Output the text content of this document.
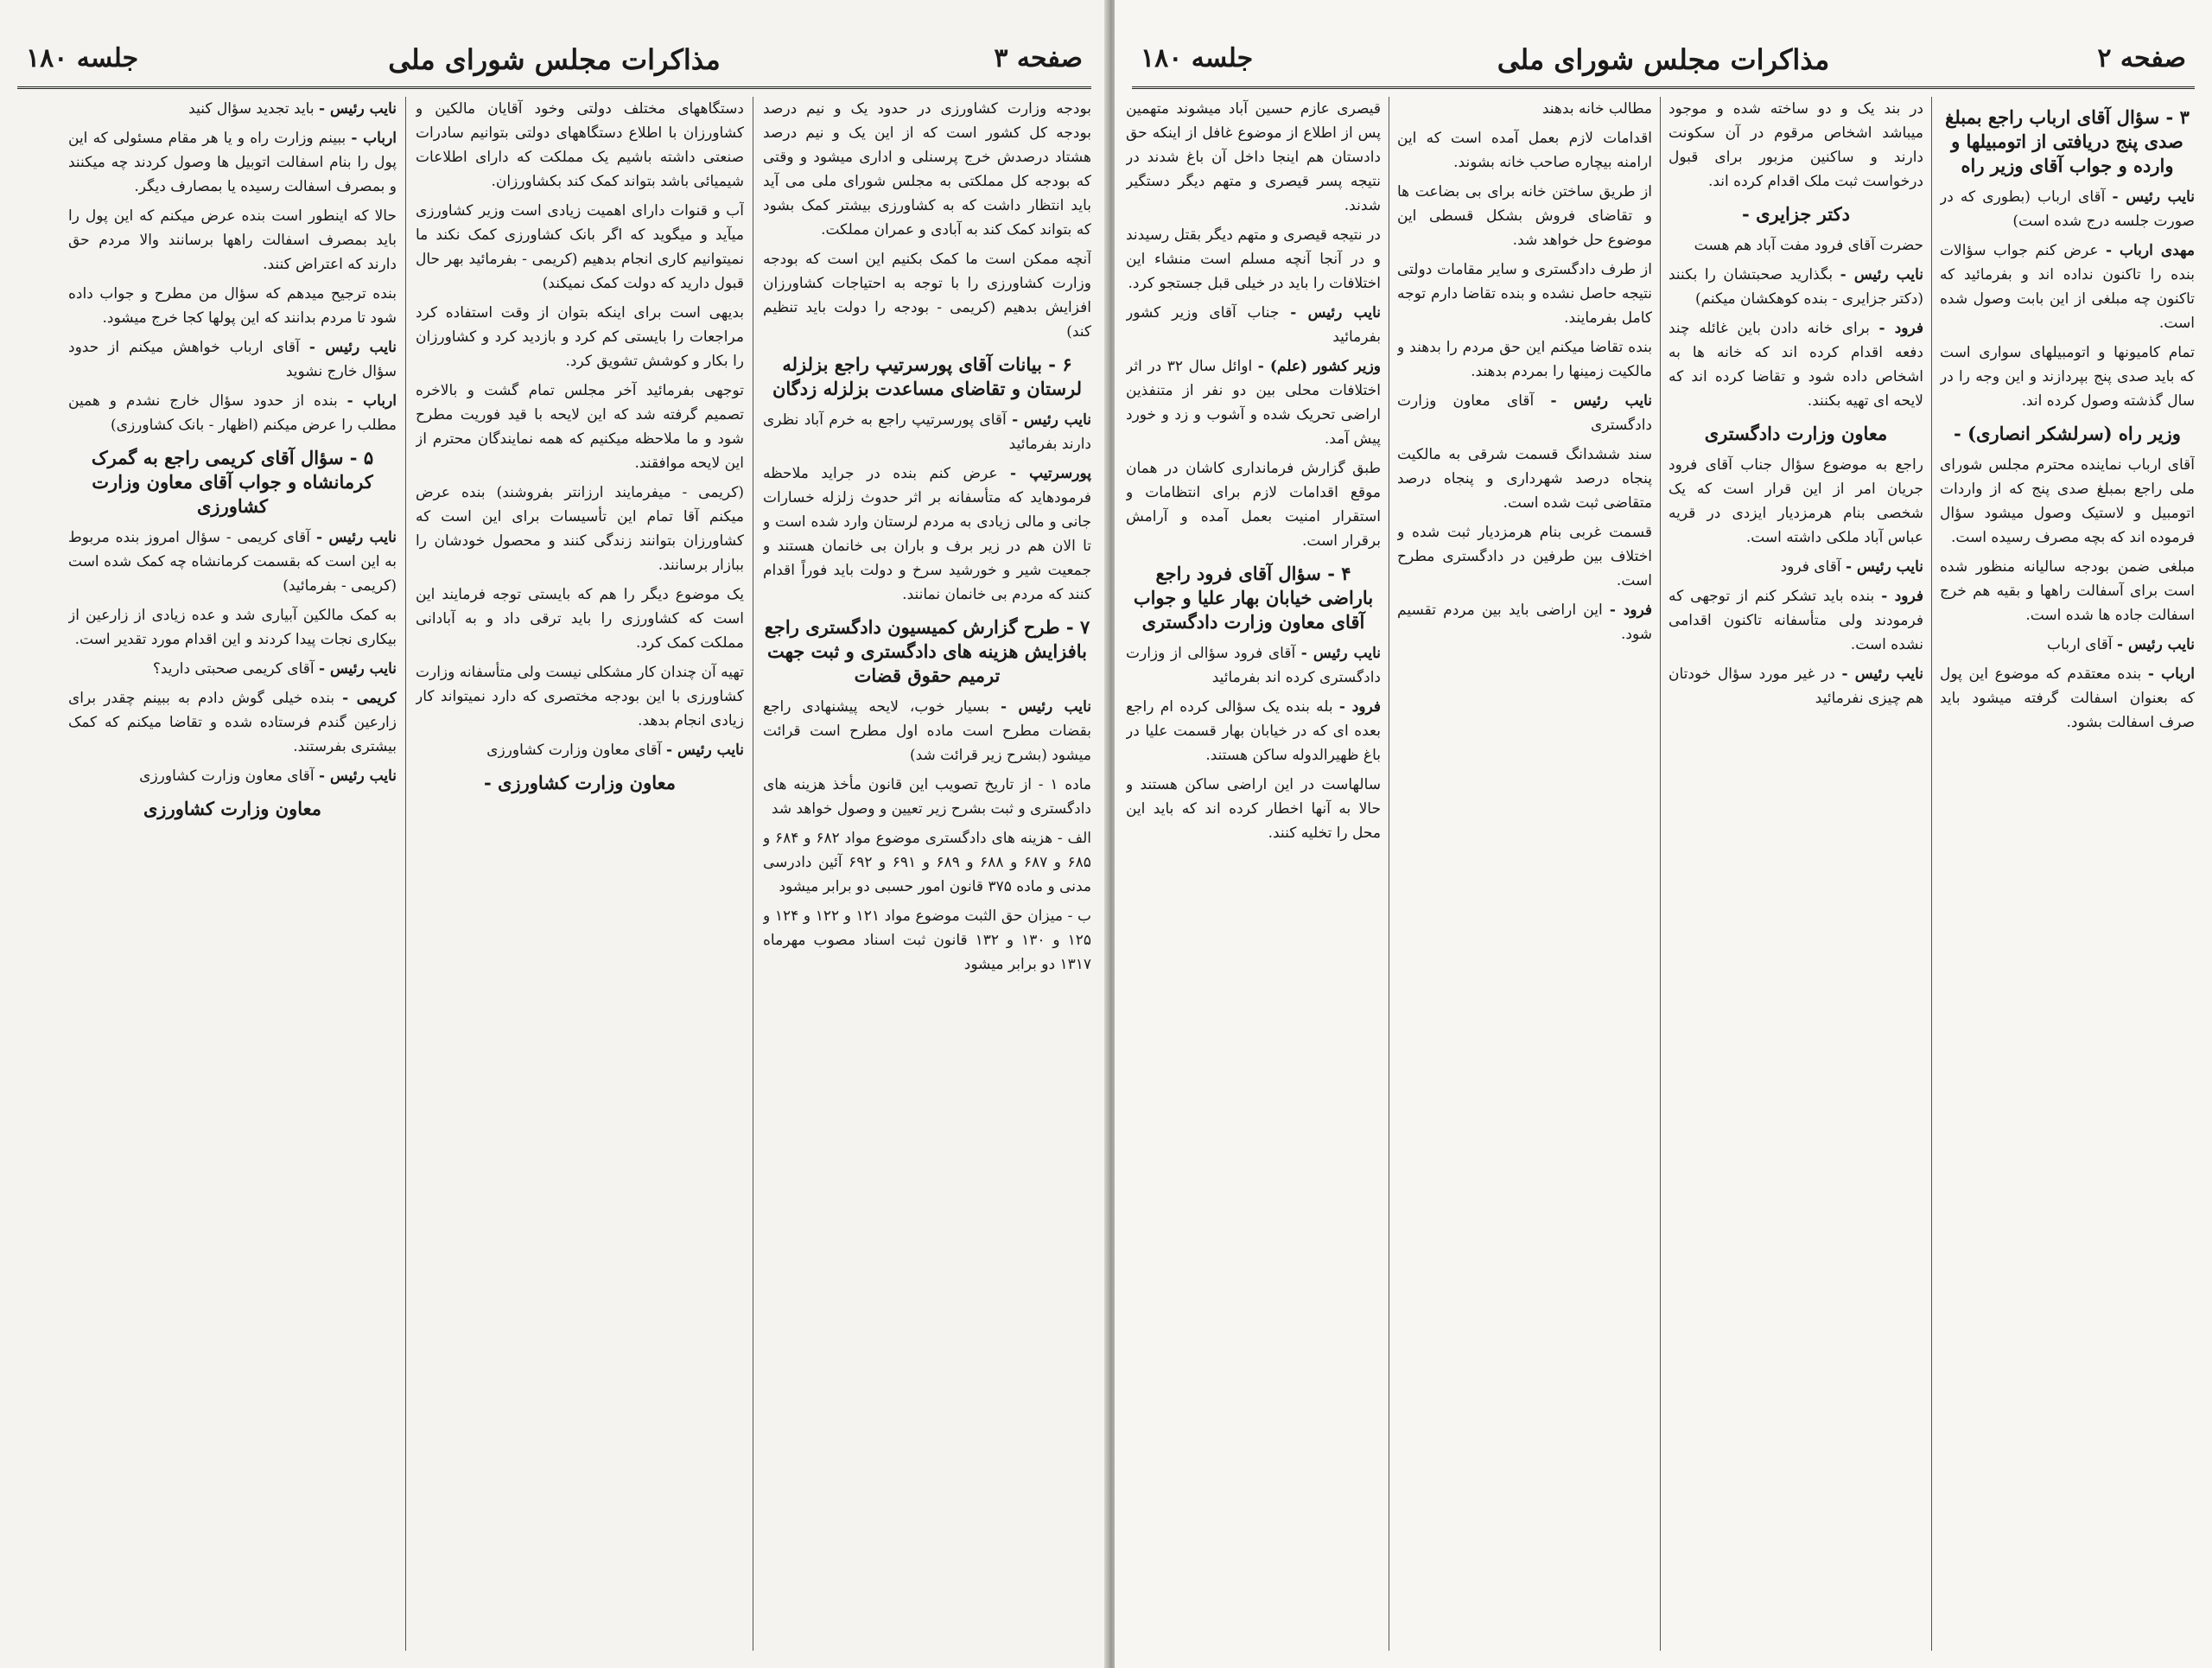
صفحه ۳
مذاکرات مجلس شورای ملی
جلسه ۱۸۰

بودجه وزارت کشاورزی در حدود یک و نیم درصد بودجه کل کشور است که از این یک و نیم درصد هشتاد درصدش خرج پرسنلی و اداری میشود و وقتی که بودجه کل مملکتی به مجلس شورای ملی می آید باید انتظار داشت که به کشاورزی بیشتر کمک بشود که بتواند کمک کند به آبادی و عمران مملکت.

آنچه ممکن است ما کمک بکنیم این است که بودجه وزارت کشاورزی را با توجه به احتیاجات کشاورزان افزایش بدهیم (کریمی - بودجه را دولت باید تنظیم کند)

۶ - بیانات آقای پورسرتیپ راجع بزلزله لرستان و تقاضای مساعدت بزلزله زدگان

نایب رئیس - آقای پورسرتیپ راجع به خرم آباد نظری دارند بفرمائید

پورسرتیپ - عرض کنم بنده در جراید ملاحظه فرمودهاید که متأسفانه بر اثر حدوث زلزله خسارات جانی و مالی زیادی به مردم لرستان وارد شده است و تا الان هم در زیر برف و باران بی خانمان هستند و جمعیت شیر و خورشید سرخ و دولت باید فوراً اقدام کنند که مردم بی خانمان نمانند.

۷ - طرح گزارش کمیسیون دادگستری راجع بافزایش هزینه های دادگستری و ثبت جهت ترمیم حقوق قضات

نایب رئیس - بسیار خوب، لایحه پیشنهادی راجع بقضات مطرح است ماده اول مطرح است قرائت میشود (بشرح زیر قرائت شد)

ماده ۱ - از تاریخ تصویب این قانون مأخذ هزینه های دادگستری و ثبت بشرح زیر تعیین و وصول خواهد شد

الف - هزینه های دادگستری موضوع مواد ۶۸۲ و ۶۸۴ و ۶۸۵ و ۶۸۷ و ۶۸۸ و ۶۸۹ و ۶۹۱ و ۶۹۲ آئین دادرسی مدنی و ماده ۳۷۵ قانون امور حسبی دو برابر میشود

ب - میزان حق الثبت موضوع مواد ۱۲۱ و ۱۲۲ و ۱۲۴ و ۱۲۵ و ۱۳۰ و ۱۳۲ قانون ثبت اسناد مصوب مهرماه ۱۳۱۷ دو برابر میشود

دستگاههای مختلف دولتی وخود آقایان مالکین و کشاورزان با اطلاع دستگاههای دولتی بتوانیم سادرات صنعتی داشته باشیم یک مملکت که دارای اطلاعات شیمیائی باشد بتواند کمک کند بکشاورزان.

آب و قنوات دارای اهمیت زیادی است وزیر کشاورزی میآید و میگوید که اگر بانک کشاورزی کمک نکند ما نمیتوانیم کاری انجام بدهیم (کریمی - بفرمائید بهر حال قبول دارید که دولت کمک نمیکند)

بدیهی است برای اینکه بتوان از وقت استفاده کرد مراجعات را بایستی کم کرد و بازدید کرد و کشاورزان را بکار و کوشش تشویق کرد.

توجهی بفرمائید آخر مجلس تمام گشت و بالاخره تصمیم گرفته شد که این لایحه با قید فوریت مطرح شود و ما ملاحظه میکنیم که همه نمایندگان محترم از این لایحه موافقند.

(کریمی - میفرمایند ارزانتر بفروشند) بنده عرض میکنم آقا تمام این تأسیسات برای این است که کشاورزان بتوانند زندگی کنند و محصول خودشان را ببازار برسانند.

یک موضوع دیگر را هم که بایستی توجه فرمایند این است که کشاورزی را باید ترقی داد و به آبادانی مملکت کمک کرد.

تهیه آن چندان کار مشکلی نیست ولی متأسفانه وزارت کشاورزی با این بودجه مختصری که دارد نمیتواند کار زیادی انجام بدهد.

نایب رئیس - آقای معاون وزارت کشاورزی

معاون وزارت کشاورزی -

نایب رئیس - باید تجدید سؤال کنید

ارباب - ببینم وزارت راه و یا هر مقام مسئولی که این پول را بنام اسفالت اتوبیل ها وصول کردند چه میکنند و بمصرف اسفالت رسیده یا بمصارف دیگر.

حالا که اینطور است بنده عرض میکنم که این پول را باید بمصرف اسفالت راهها برسانند والا مردم حق دارند که اعتراض کنند.

بنده ترجیح میدهم که سؤال من مطرح و جواب داده شود تا مردم بدانند که این پولها کجا خرج میشود.

نایب رئیس - آقای ارباب خواهش میکنم از حدود سؤال خارج نشوید

ارباب - بنده از حدود سؤال خارج نشدم و همین مطلب را عرض میکنم (اظهار - بانک کشاورزی)

۵ - سؤال آقای کریمی راجع به گمرک کرمانشاه و جواب آقای معاون وزارت کشاورزی

نایب رئیس - آقای کریمی - سؤال امروز بنده مربوط به این است که بقسمت کرمانشاه چه کمک شده است (کریمی - بفرمائید)

به کمک مالکین آبیاری شد و عده زیادی از زارعین از بیکاری نجات پیدا کردند و این اقدام مورد تقدیر است.

نایب رئیس - آقای کریمی صحبتی دارید؟

کریمی - بنده خیلی گوش دادم به ببینم چقدر برای زارعین گندم فرستاده شده و تقاضا میکنم که کمک بیشتری بفرستند.

نایب رئیس - آقای معاون وزارت کشاورزی

معاون وزارت کشاورزی
صفحه ۲
مذاکرات مجلس شورای ملی
جلسه ۱۸۰
۳ - سؤال آقای ارباب راجع بمبلغ صدی پنج دریافتی از اتومبیلها و وارده و جواب آقای وزیر راه

نایب رئیس - آقای ارباب (بطوری که در صورت جلسه درج شده است)

مهدی ارباب - عرض کنم جواب سؤالات بنده را تاکنون نداده اند و بفرمائید که تاکنون چه مبلغی از این بابت وصول شده است.

تمام کامیونها و اتومبیلهای سواری است که باید صدی پنج بپردازند و این وجه را در سال گذشته وصول کرده اند.

وزیر راه (سرلشکر انصاری) -

آقای ارباب نماینده محترم مجلس شورای ملی راجع بمبلغ صدی پنج که از واردات اتومبیل و لاستیک وصول میشود سؤال فرموده اند که بچه مصرف رسیده است.

مبلغی ضمن بودجه سالیانه منظور شده است برای آسفالت راهها و بقیه هم خرج اسفالت جاده ها شده است.

نایب رئیس - آقای ارباب

ارباب - بنده معتقدم که موضوع این پول که بعنوان اسفالت گرفته میشود باید صرف اسفالت بشود.

در بند یک و دو ساخته شده و موجود میباشد اشخاص مرقوم در آن سکونت دارند و ساکنین مزبور برای قبول درخواست ثبت ملک اقدام کرده اند.

دکتر جزایری -

حضرت آقای فرود مفت آباد هم هست

نایب رئیس - بگذارید صحبتشان را بکنند (دکتر جزایری - بنده کوهکشان میکنم)

فرود - برای خانه دادن باین غائله چند دفعه اقدام کرده اند که خانه ها به اشخاص داده شود و تقاضا کرده اند که لایحه ای تهیه بکنند.

معاون وزارت دادگستری

راجع به موضوع سؤال جناب آقای فرود جریان امر از این قرار است که یک شخصی بنام هرمزدیار ایزدی در قریه عباس آباد ملکی داشته است.

نایب رئیس - آقای فرود

فرود - بنده باید تشکر کنم از توجهی که فرمودند ولی متأسفانه تاکنون اقدامی نشده است.

نایب رئیس - در غیر مورد سؤال خودتان هم چیزی نفرمائید

مطالب خانه بدهند

اقدامات لازم بعمل آمده است که این ارامنه بیچاره صاحب خانه بشوند.

از طریق ساختن خانه برای بی بضاعت ها و تقاضای فروش بشکل قسطی این موضوع حل خواهد شد.

از طرف دادگستری و سایر مقامات دولتی نتیجه حاصل نشده و بنده تقاضا دارم توجه کامل بفرمایند.

بنده تقاضا میکنم این حق مردم را بدهند و مالکیت زمینها را بمردم بدهند.

نایب رئیس - آقای معاون وزارت دادگستری

سند ششدانگ قسمت شرقی به مالکیت پنجاه درصد شهرداری و پنجاه درصد متقاضی ثبت شده است.

قسمت غربی بنام هرمزدیار ثبت شده و اختلاف بین طرفین در دادگستری مطرح است.

فرود - این اراضی باید بین مردم تقسیم شود.

قیصری عازم حسین آباد میشوند متهمین پس از اطلاع از موضوع غافل از اینکه حق دادستان هم اینجا داخل آن باغ شدند در نتیجه پسر قیصری و متهم دیگر دستگیر شدند.

در نتیجه قیصری و متهم دیگر بقتل رسیدند و در آنجا آنچه مسلم است منشاء این اختلافات را باید در خیلی قبل جستجو کرد.

نایب رئیس - جناب آقای وزیر کشور بفرمائید

وزیر کشور (علم) - اوائل سال ۳۲ در اثر اختلافات محلی بین دو نفر از متنفذین اراضی تحریک شده و آشوب و زد و خورد پیش آمد.

طبق گزارش فرمانداری کاشان در همان موقع اقدامات لازم برای انتظامات و استقرار امنیت بعمل آمده و آرامش برقرار است.

۴ - سؤال آقای فرود راجع باراضی خیابان بهار علیا و جواب آقای معاون وزارت دادگستری

نایب رئیس - آقای فرود سؤالی از وزارت دادگستری کرده اند بفرمائید

فرود - بله بنده یک سؤالی کرده ام راجع بعده ای که در خیابان بهار قسمت علیا در باغ ظهیرالدوله ساکن هستند.

سالهاست در این اراضی ساکن هستند و حالا به آنها اخطار کرده اند که باید این محل را تخلیه کنند.
